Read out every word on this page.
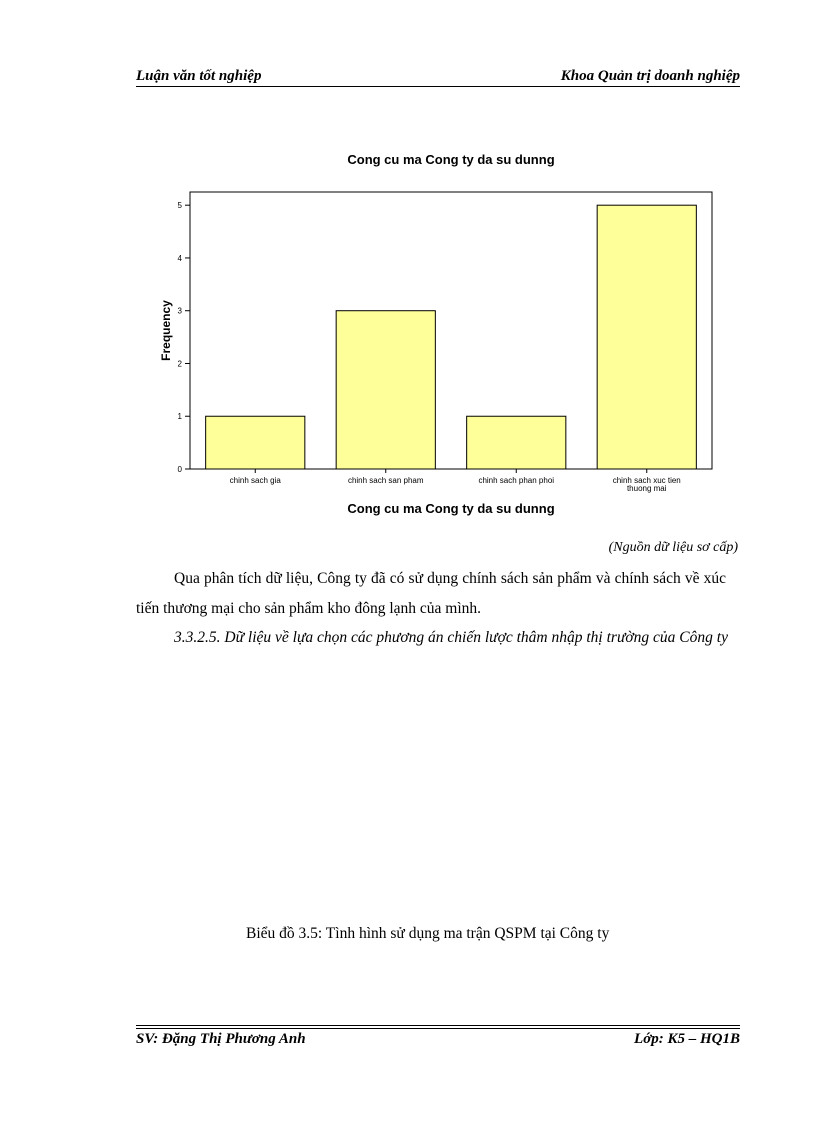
Luận văn tốt nghiệp	Khoa Quản trị doanh nghiệp
Cong cu ma Cong ty da su dunng
0
1
2
3
4
5
chinh sach gia	chinh sach san pham	chinh sach phan phoi	chinh sach xuc tien
thuong mai
Cong cu ma Cong ty da su dunng
Frequency
(Nguồn dữ liệu sơ cấp)
Qua phân tích dữ liệu, Công ty đã có sử dụng chính sách sản phẩm và chính sách về xúc tiến thương mại cho sản phẩm kho đông lạnh của mình.
3.3.2.5. Dữ liệu về lựa chọn các phương án chiến lược thâm nhập thị trường của Công ty
Biểu đồ 3.5: Tình hình sử dụng ma trận QSPM tại Công ty
SV: Đặng Thị Phương Anh	Lớp: K5 – HQ1B
